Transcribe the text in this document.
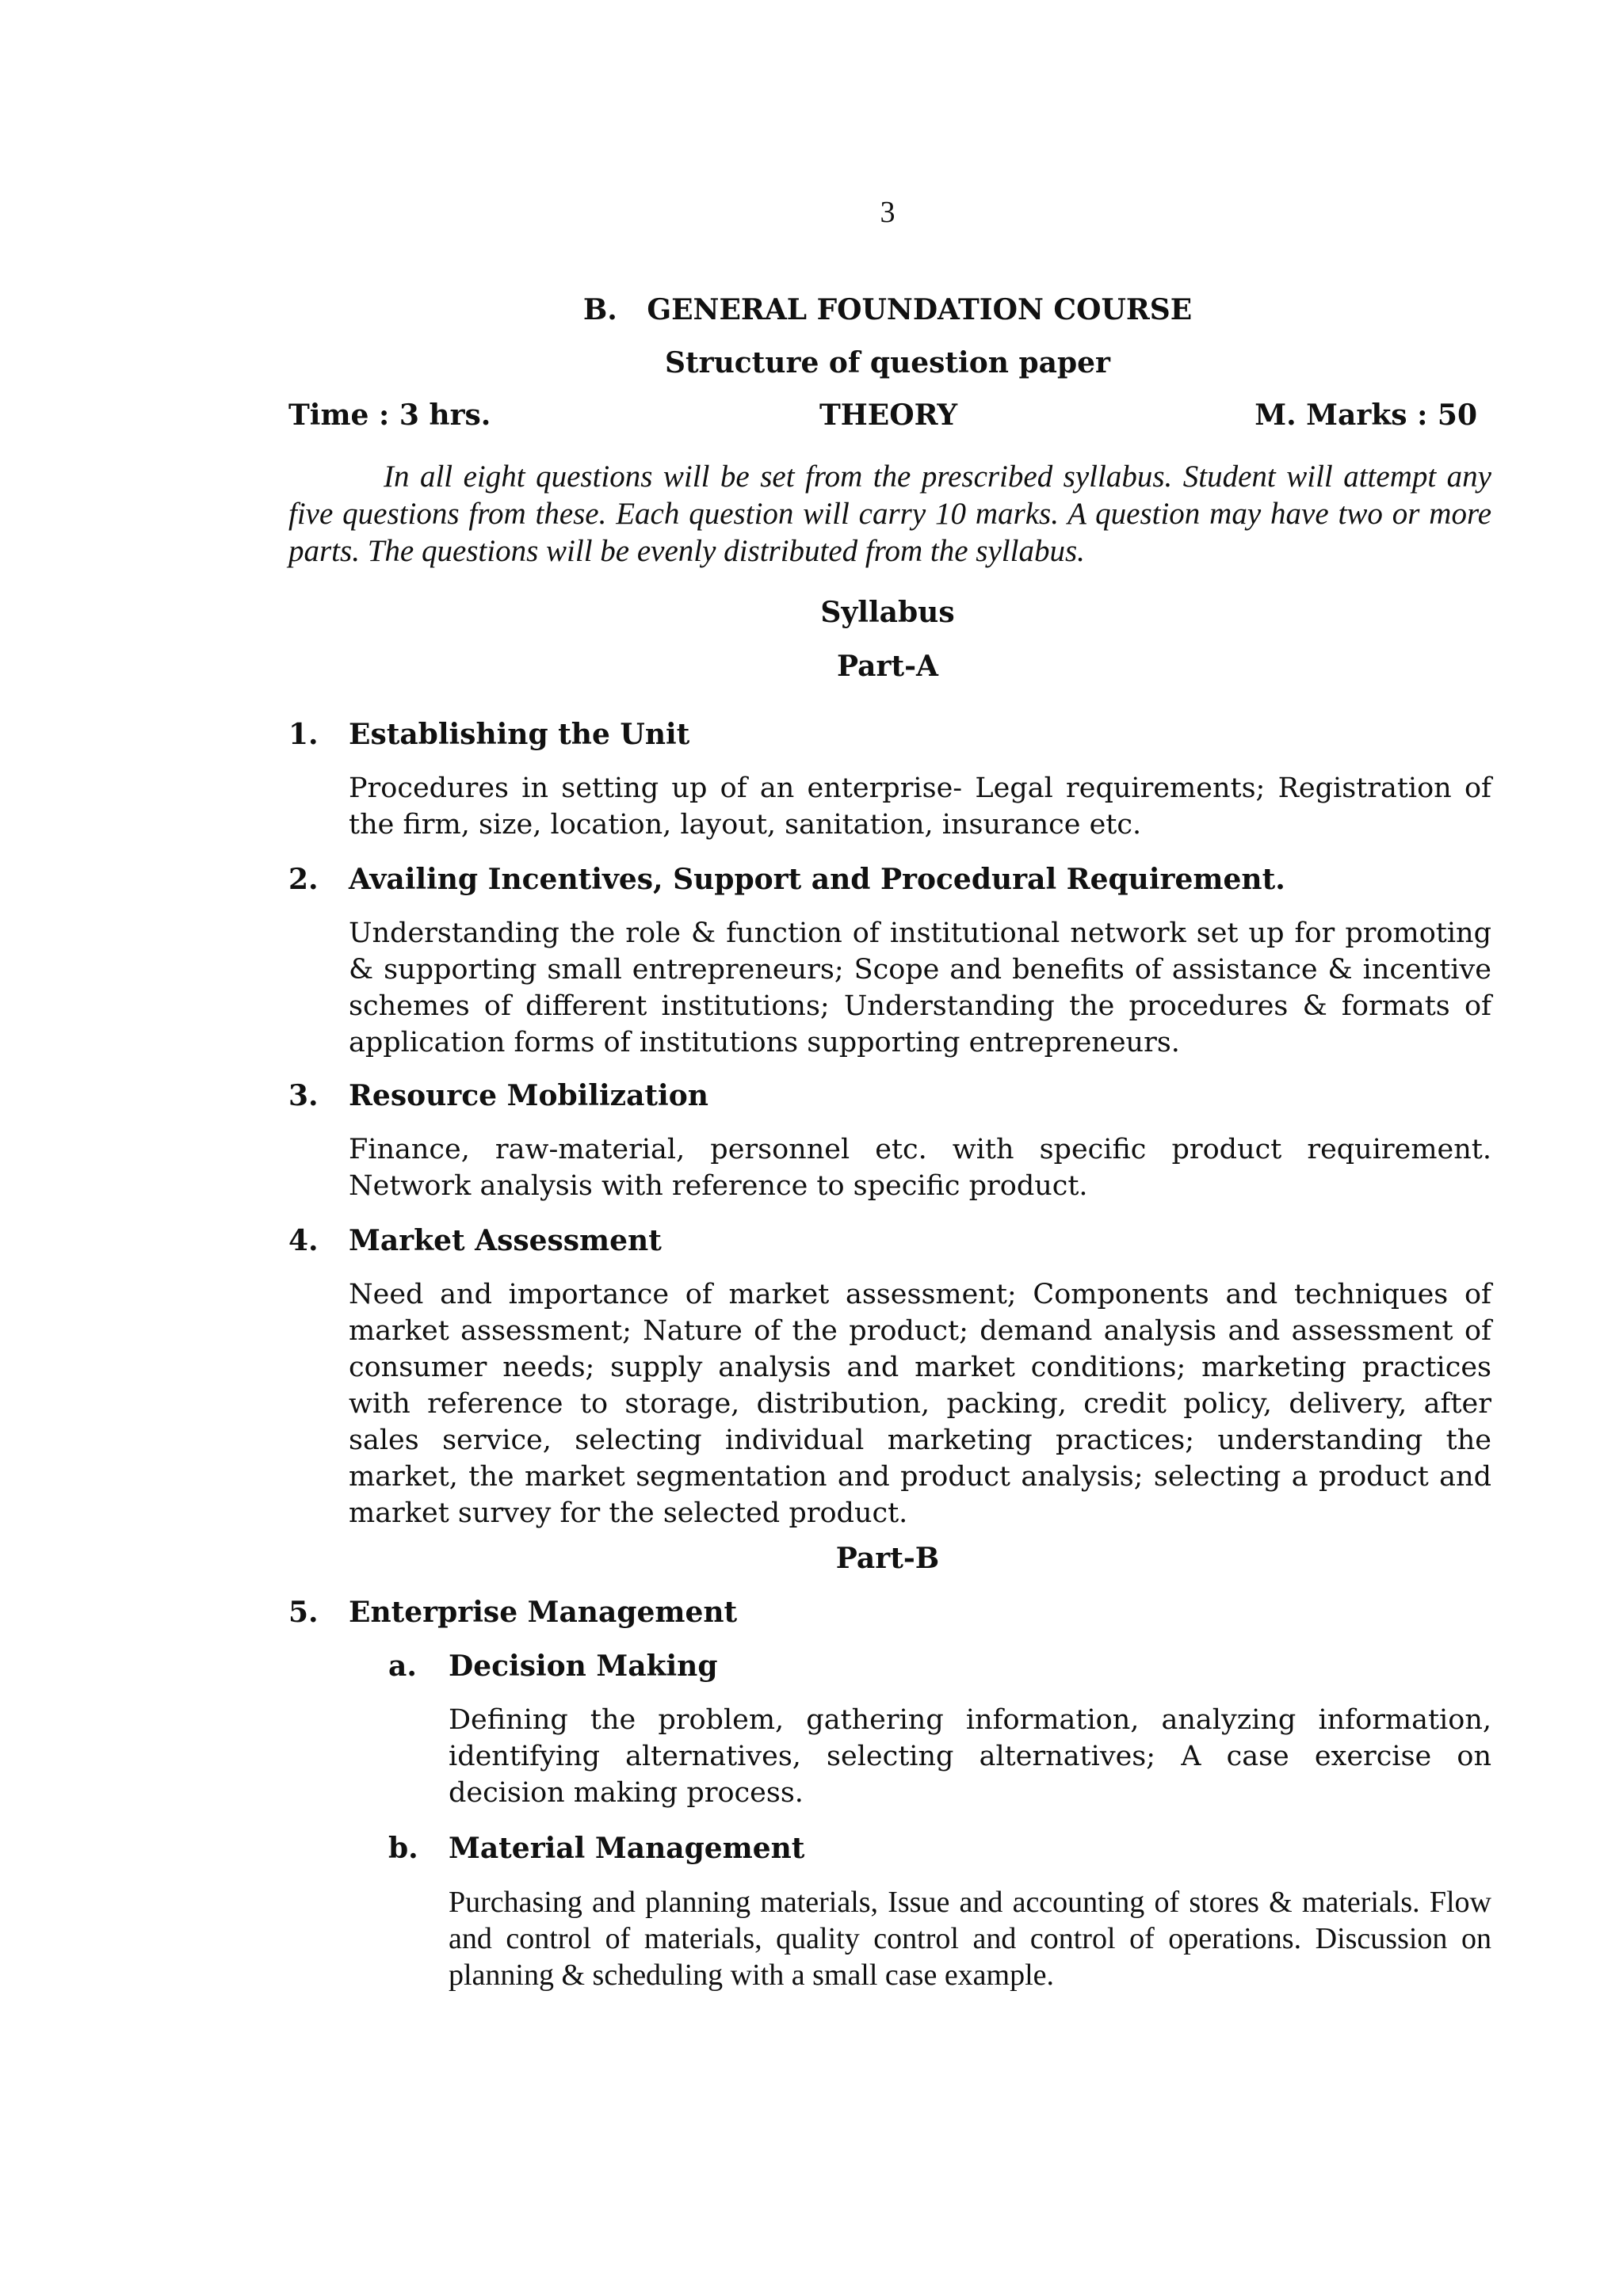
3
B.   GENERAL FOUNDATION COURSE
Structure of question paper
Time : 3 hrs.	THEORY	M. Marks : 50
In all eight questions will be set from the prescribed syllabus. Student will attempt any five questions from these. Each question will carry 10 marks. A question may have two or more parts. The questions will be evenly distributed from the syllabus.
Syllabus
Part-A
1. Establishing the Unit
Procedures in setting up of an enterprise- Legal requirements; Registration of the firm, size, location, layout, sanitation, insurance etc.
2. Availing Incentives, Support and Procedural Requirement.
Understanding the role & function of institutional network set up for promoting & supporting small entrepreneurs; Scope and benefits of assistance & incentive schemes of different institutions; Understanding the procedures & formats of application forms of institutions supporting entrepreneurs.
3. Resource Mobilization
Finance, raw-material, personnel etc. with specific product requirement. Network analysis with reference to specific product.
4. Market Assessment
Need and importance of market assessment; Components and techniques of market assessment; Nature of the product; demand analysis and assessment of consumer needs; supply analysis and market conditions; marketing practices with reference to storage, distribution, packing, credit policy, delivery, after sales service, selecting individual marketing practices; understanding the market, the market segmentation and product analysis; selecting a product and market survey for the selected product.
Part-B
5. Enterprise Management
a. Decision Making
Defining the problem, gathering information, analyzing information, identifying alternatives, selecting alternatives; A case exercise on decision making process.
b. Material Management
Purchasing and planning materials, Issue and accounting of stores & materials. Flow and control of materials, quality control and control of operations. Discussion on planning & scheduling with a small case example.
